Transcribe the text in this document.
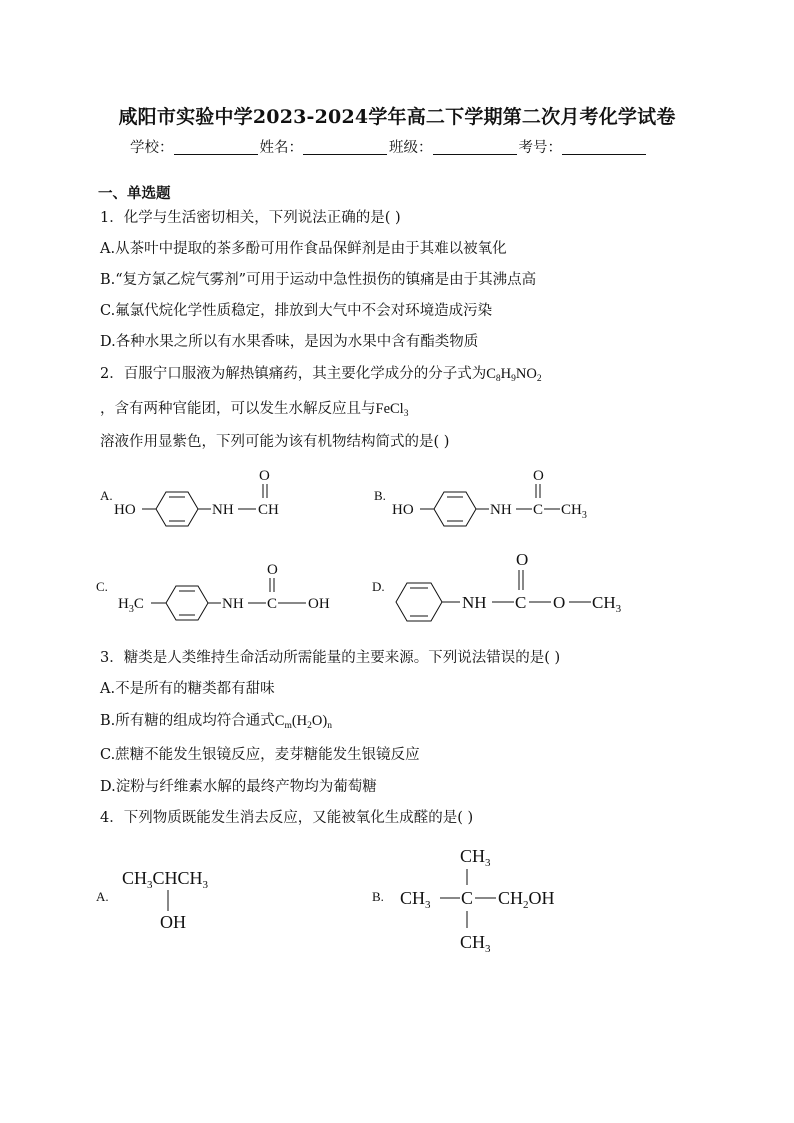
咸阳市实验中学2023-2024学年高二下学期第二次月考化学试卷
学校：	姓名：	班级：	考号：
一、单选题
1．化学与生活密切相关，下列说法正确的是( )
A.从茶叶中提取的茶多酚可用作食品保鲜剂是由于其难以被氧化
B.“复方氯乙烷气雾剂”可用于运动中急性损伤的镇痛是由于其沸点高
C.氟氯代烷化学性质稳定，排放到大气中不会对环境造成污染
D.各种水果之所以有水果香味，是因为水果中含有酯类物质
2．百服宁口服液为解热镇痛药，其主要化学成分的分子式为$C_8H_9NO_2$
，含有两种官能团，可以发生水解反应且与FeCl$_3$
溶液作用显紫色，下列可能为该有机物结构简式的是( )
A.
HO	NH CH
O
B.
HO	NH C
O
$CH_3$
C.
$H_3C$	NH C
O
OH
D.
NH C
O
O $CH_3$
3．糖类是人类维持生命活动所需能量的主要来源。下列说法错误的是( )
A.不是所有的糖类都有甜味
B.所有糖的组成均符合通式$C_m(H_2O)_n$
C.蔗糖不能发生银镜反应，麦芽糖能发生银镜反应
D.淀粉与纤维素水解的最终产物均为葡萄糖
4．下列物质既能发生消去反应，又能被氧化生成醛的是( )
A.
$CH_3CHCH_3$
OH
B.
$CH_3$
$CH_3$ C $CH_2OH$
$CH_3$
